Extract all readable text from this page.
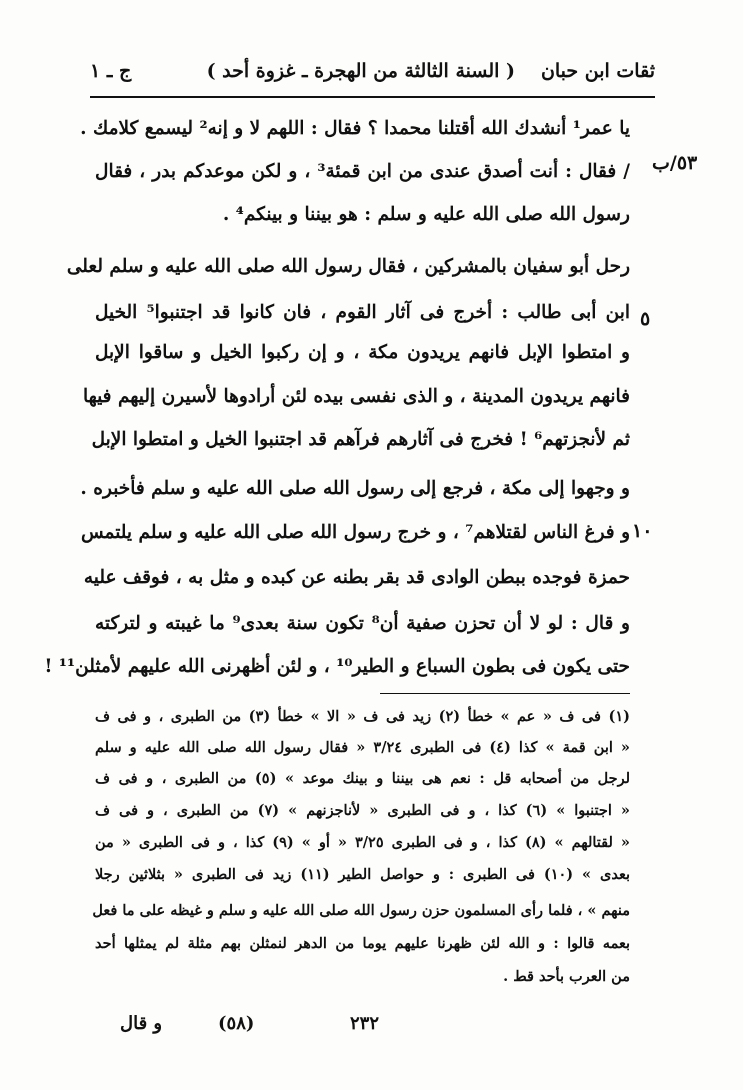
ثقات ابن حبان
( السنة الثالثة من الهجرة ـ غزوة أحد )
ج ـ ١
٥٣/ب
٥
١٠
يا عمر¹ أنشدك الله أقتلنا محمدا ؟ فقال : اللهم لا و إنه² ليسمع كلامك .
/ فقال : أنت أصدق عندى من ابن قمئة³ ، و لكن موعدكم بدر ، فقال
رسول الله صلى الله عليه و سلم : هو بيننا و بينكم⁴ .
رحل أبو سفيان بالمشركين ، فقال رسول الله صلى الله عليه و سلم لعلى
ابن أبى طالب : أخرج فى آثار القوم ، فان كانوا قد اجتنبوا⁵ الخيل
و امتطوا الإبل فانهم يريدون مكة ، و إن ركبوا الخيل و ساقوا الإبل
فانهم يريدون المدينة ، و الذى نفسى بيده لئن أرادوها لأسيرن إليهم فيها
ثم لأنجزتهم⁶ ! فخرج فى آثارهم فرآهم قد اجتنبوا الخيل و امتطوا الإبل
و وجهوا إلى مكة ، فرجع إلى رسول الله صلى الله عليه و سلم فأخبره .
و فرغ الناس لقتلاهم⁷ ، و خرج رسول الله صلى الله عليه و سلم يلتمس
حمزة فوجده ببطن الوادى قد بقر بطنه عن كبده و مثل به ، فوقف عليه
و قال : لو لا أن تحزن صفية أن⁸ تكون سنة بعدى⁹ ما غيبته و لتركته
حتى يكون فى بطون السباع و الطير¹⁰ ، و لئن أظهرنى الله عليهم لأمثلن¹¹ !
(١) فى ف « عم » خطأ (٢) زيد فى ف « الا » خطأ (٣) من الطبرى ، و فى ف
« ابن قمة » كذا (٤) فى الطبرى ٣/٢٤ « فقال رسول الله صلى الله عليه و سلم
لرجل من أصحابه قل : نعم هى بيننا و بينك موعد » (٥) من الطبرى ، و فى ف
« اجتنبوا » (٦) كذا ، و فى الطبرى « لأناجزنهم » (٧) من الطبرى ، و فى ف
« لقتالهم » (٨) كذا ، و فى الطبرى ٣/٢٥ « أو » (٩) كذا ، و فى الطبرى « من
بعدى » (١٠) فى الطبرى : و حواصل الطير (١١) زيد فى الطبرى « بثلاثين رجلا
منهم » ، فلما رأى المسلمون حزن رسول الله صلى الله عليه و سلم و غيظه على ما فعل
بعمه قالوا : و الله لئن ظهرنا عليهم يوما من الدهر لنمثلن بهم مثلة لم يمثلها أحد
من العرب بأحد قط .
و قال	(٥٨)	٢٣٢
